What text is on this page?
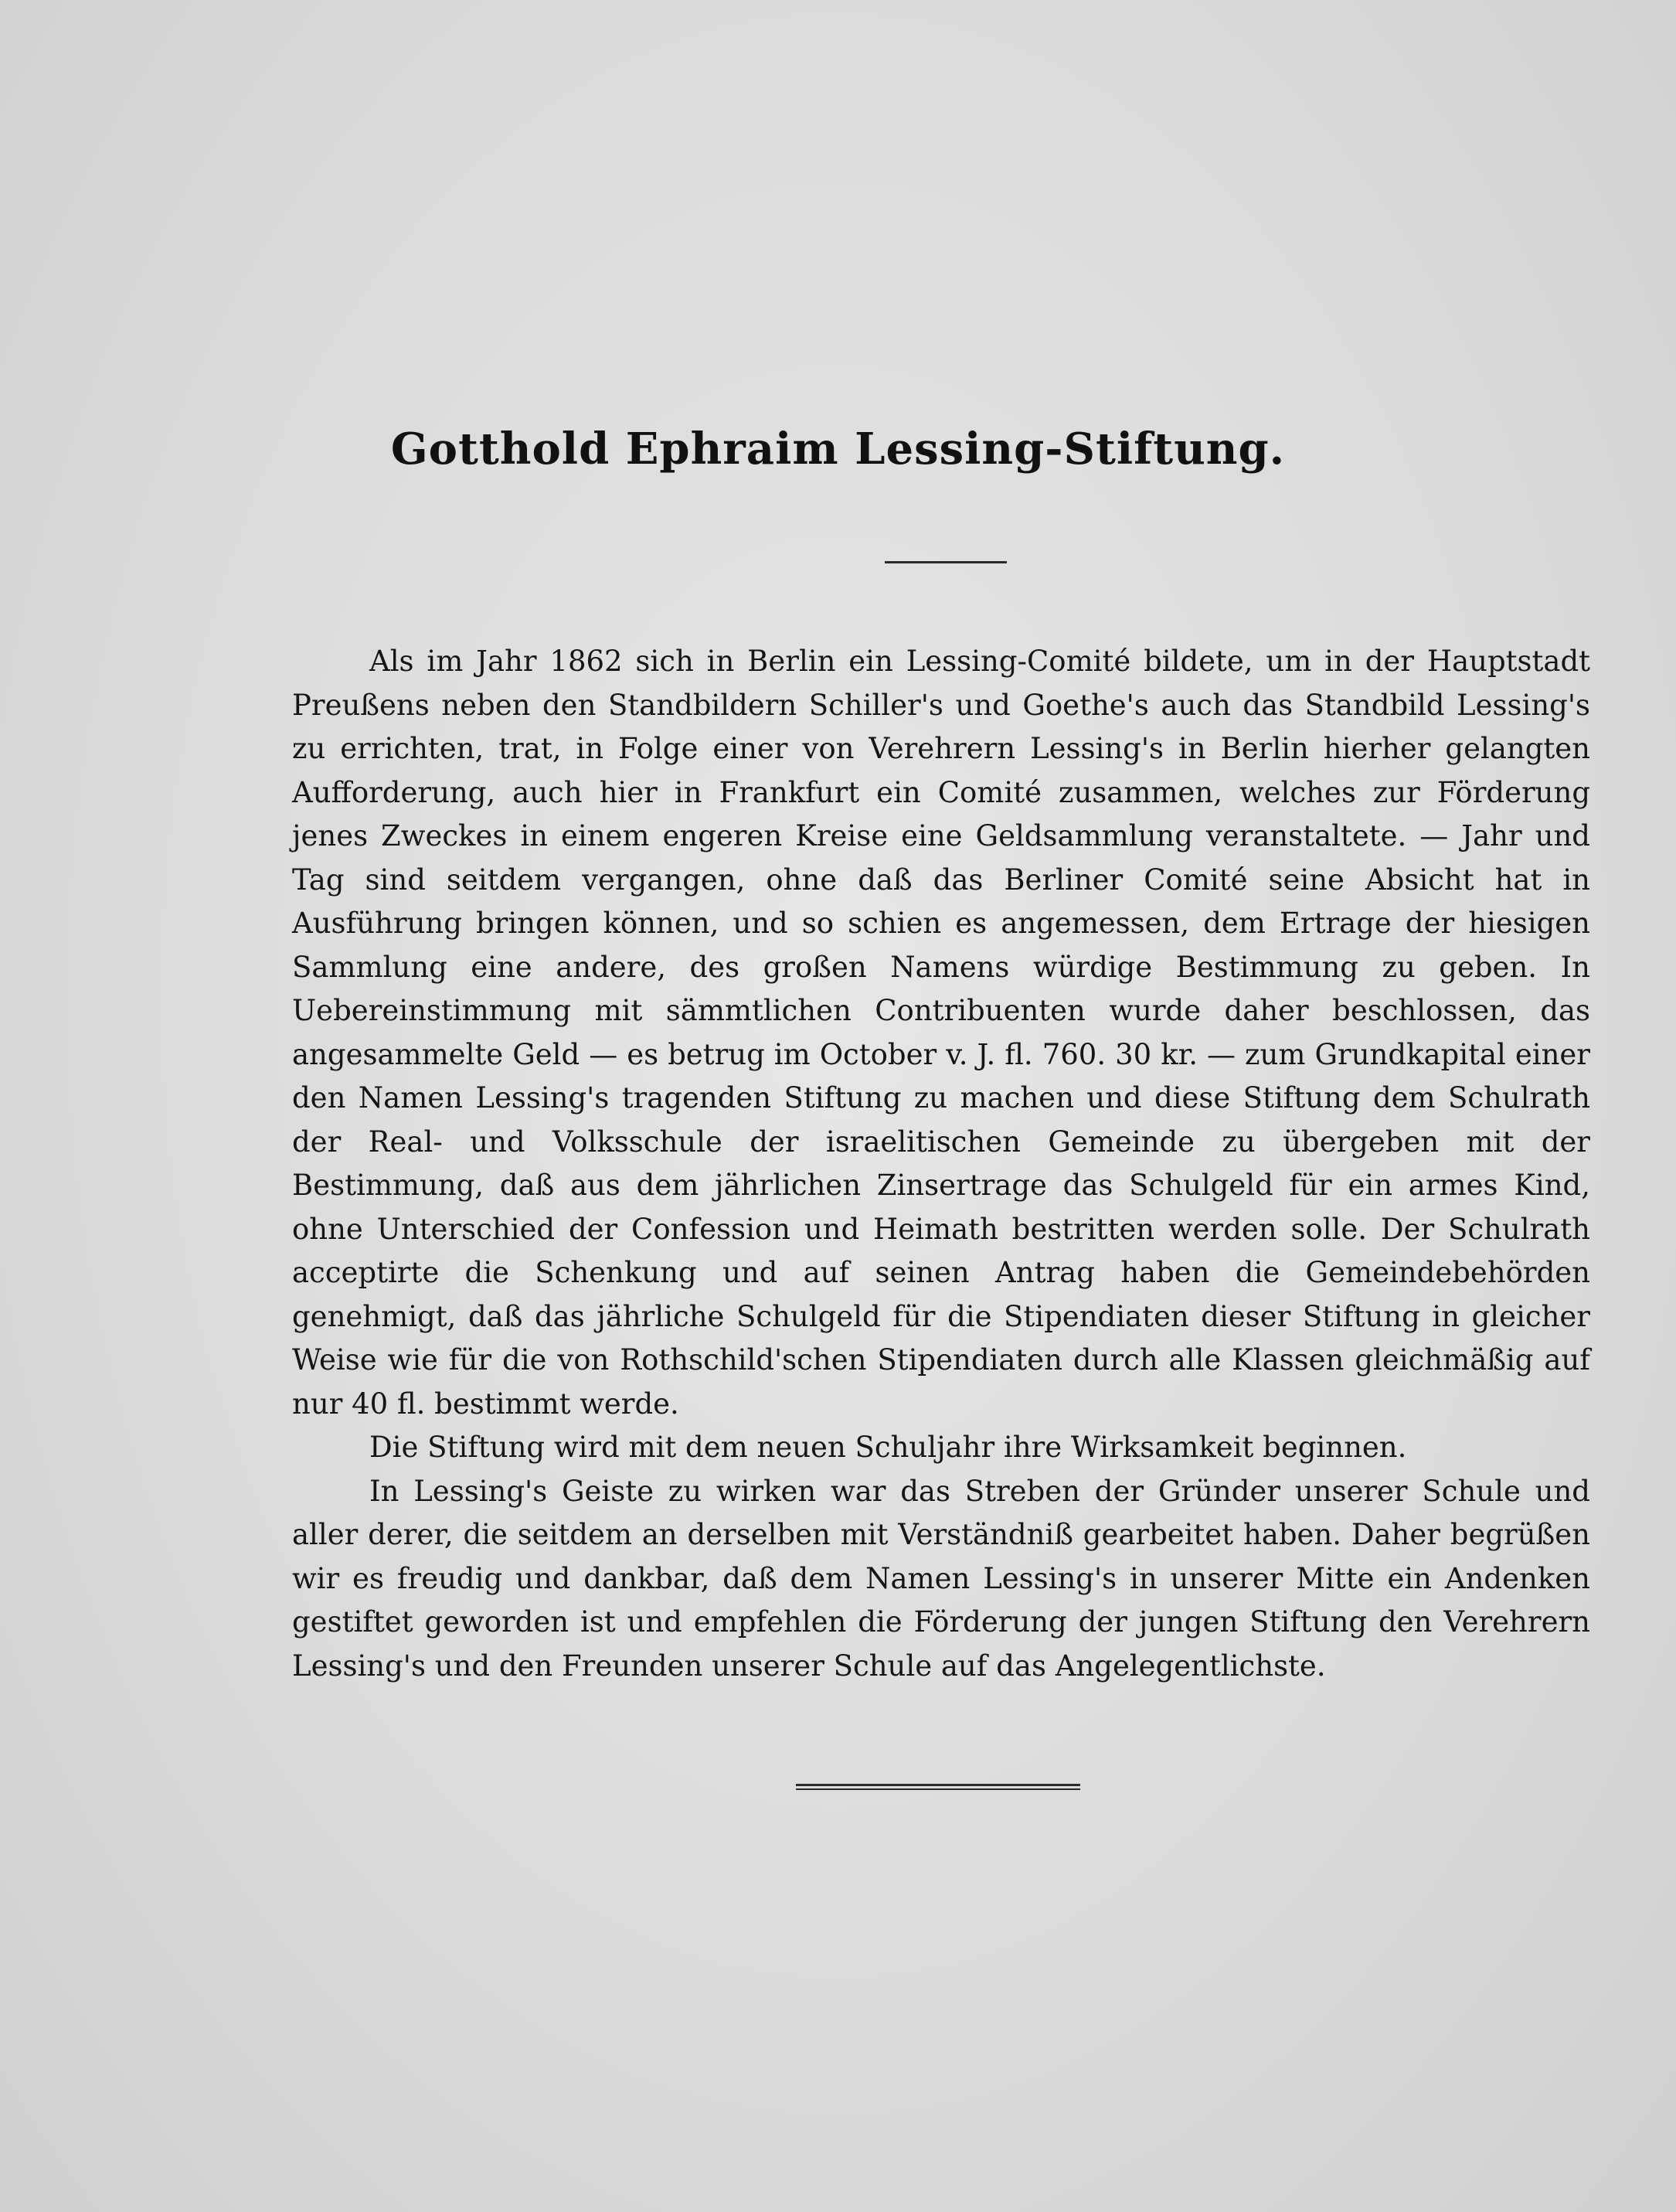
Gotthold Ephraim Lessing-Stiftung.

Als im Jahr 1862 sich in Berlin ein Lessing-Comité bildete, um in der Hauptstadt Preußens neben den Standbildern Schiller's und Goethe's auch das Standbild Lessing's zu errichten, trat, in Folge einer von Verehrern Lessing's in Berlin hierher gelangten Aufforderung, auch hier in Frankfurt ein Comité zusammen, welches zur Förderung jenes Zweckes in einem engeren Kreise eine Geldsammlung veranstaltete. — Jahr und Tag sind seitdem vergangen, ohne daß das Berliner Comité seine Absicht hat in Ausführung bringen können, und so schien es angemessen, dem Ertrage der hiesigen Sammlung eine andere, des großen Namens würdige Bestimmung zu geben. In Uebereinstimmung mit sämmtlichen Contribuenten wurde daher beschlossen, das angesammelte Geld — es betrug im October v. J. fl. 760. 30 kr. — zum Grundkapital einer den Namen Lessing's tragenden Stiftung zu machen und diese Stiftung dem Schulrath der Real- und Volksschule der israelitischen Gemeinde zu übergeben mit der Bestimmung, daß aus dem jährlichen Zinsertrage das Schulgeld für ein armes Kind, ohne Unterschied der Confession und Heimath bestritten werden solle. Der Schulrath acceptirte die Schenkung und auf seinen Antrag haben die Gemeindebehörden genehmigt, daß das jährliche Schulgeld für die Stipendiaten dieser Stiftung in gleicher Weise wie für die von Rothschild'schen Stipendiaten durch alle Klassen gleichmäßig auf nur 40 fl. bestimmt werde.

Die Stiftung wird mit dem neuen Schuljahr ihre Wirksamkeit beginnen.

In Lessing's Geiste zu wirken war das Streben der Gründer unserer Schule und aller derer, die seitdem an derselben mit Verständniß gearbeitet haben. Daher begrüßen wir es freudig und dankbar, daß dem Namen Lessing's in unserer Mitte ein Andenken gestiftet geworden ist und empfehlen die Förderung der jungen Stiftung den Verehrern Lessing's und den Freunden unserer Schule auf das Angelegentlichste.
